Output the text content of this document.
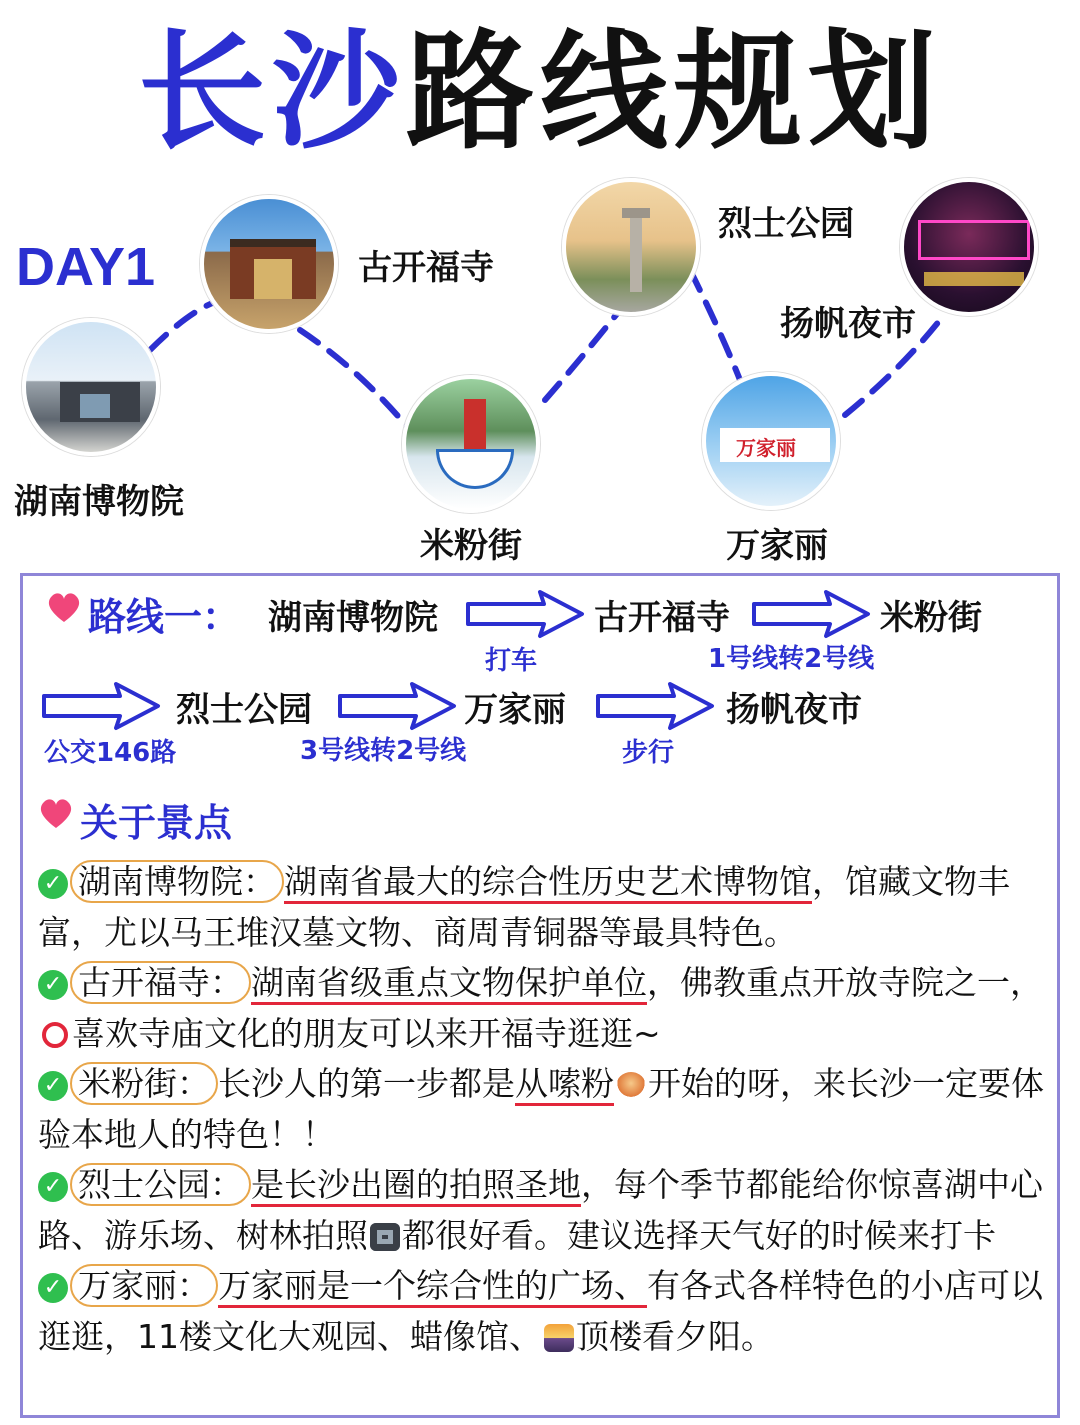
长沙路线规划
DAY1
万家丽
湖南博物院
古开福寺
米粉街
烈士公园
万家丽
扬帆夜市
路线一： 湖南博物院
打车
古开福寺
1号线转2号线
米粉街
公交146路
烈士公园
3号线转2号线
万家丽
步行
扬帆夜市
关于景点

✓ 湖南博物院： 湖南省最大的综合性历史艺术博物馆，馆藏文物丰富，尤以马王堆汉墓文物、商周青铜器等最具特色。

✓ 古开福寺： 湖南省级重点文物保护单位，佛教重点开放寺院之一，喜欢寺庙文化的朋友可以来开福寺逛逛~

✓ 米粉街： 长沙人的第一步都是从嗦粉 开始的呀，来长沙一定要体验本地人的特色！！

✓ 烈士公园： 是长沙出圈的拍照圣地，每个季节都能给你惊喜湖中心路、游乐场、树林拍照 都很好看。建议选择天气好的时候来打卡

✓ 万家丽： 万家丽是一个综合性的广场、有各式各样特色的小店可以逛逛，11楼文化大观园、蜡像馆、 顶楼看夕阳。
